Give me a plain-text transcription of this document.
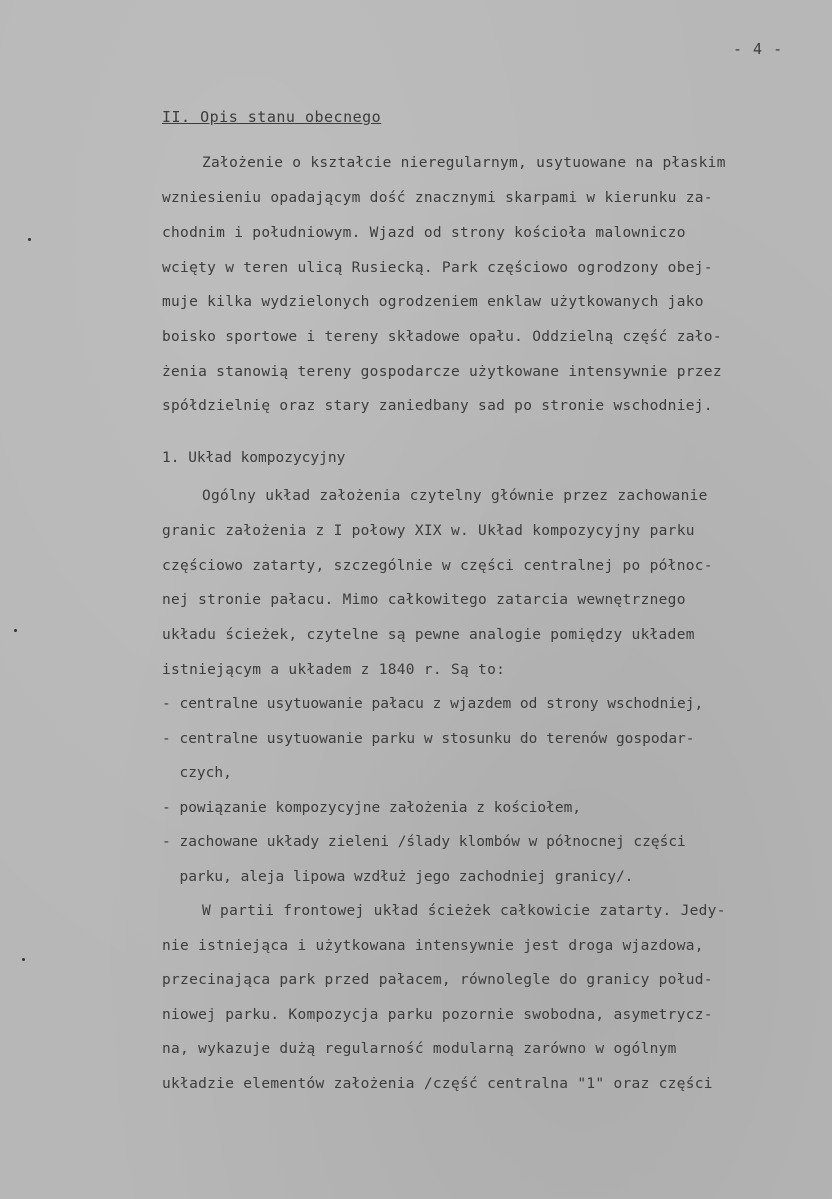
- 4 -
II. Opis stanu obecnego
Założenie o kształcie nieregularnym, usytuowane na płaskim
wzniesieniu opadającym dość znacznymi skarpami w kierunku za-
chodnim i południowym. Wjazd od strony kościoła malowniczo
wcięty w teren ulicą Rusiecką. Park częściowo ogrodzony obej-
muje kilka wydzielonych ogrodzeniem enklaw użytkowanych jako
boisko sportowe i tereny składowe opału. Oddzielną część zało-
żenia stanowią tereny gospodarcze użytkowane intensywnie przez
spółdzielnię oraz stary zaniedbany sad po stronie wschodniej.
1. Układ kompozycyjny
Ogólny układ założenia czytelny głównie przez zachowanie
granic założenia z I połowy XIX w. Układ kompozycyjny parku
częściowo zatarty, szczególnie w części centralnej po północ-
nej stronie pałacu. Mimo całkowitego zatarcia wewnętrznego
układu ścieżek, czytelne są pewne analogie pomiędzy układem
istniejącym a układem z 1840 r. Są to:
- centralne usytuowanie pałacu z wjazdem od strony wschodniej,
- centralne usytuowanie parku w stosunku do terenów gospodar-
czych,
- powiązanie kompozycyjne założenia z kościołem,
- zachowane układy zieleni /ślady klombów w północnej części
parku, aleja lipowa wzdłuż jego zachodniej granicy/.
W partii frontowej układ ścieżek całkowicie zatarty. Jedy-
nie istniejąca i użytkowana intensywnie jest droga wjazdowa,
przecinająca park przed pałacem, równolegle do granicy połud-
niowej parku. Kompozycja parku pozornie swobodna, asymetrycz-
na, wykazuje dużą regularność modularną zarówno w ogólnym
układzie elementów założenia /część centralna "1" oraz części
